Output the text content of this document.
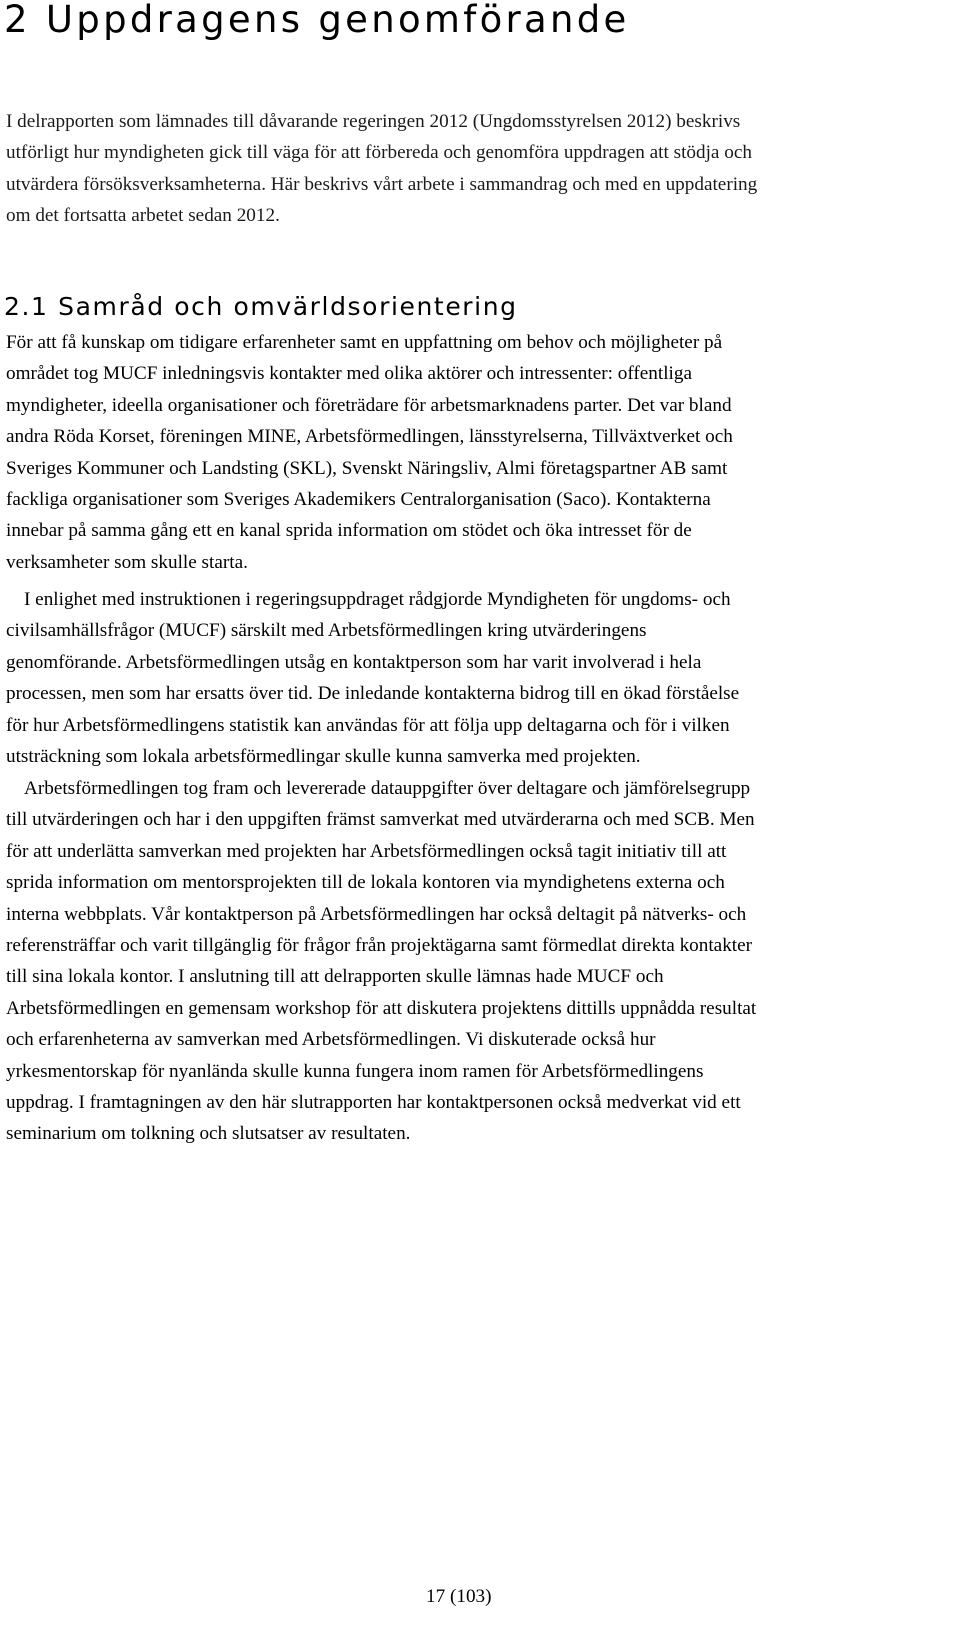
2 Uppdragens genomförande
I delrapporten som lämnades till dåvarande regeringen 2012 (Ungdomsstyrelsen 2012) beskrivs
utförligt hur myndigheten gick till väga för att förbereda och genomföra uppdragen att stödja och
utvärdera försöksverksamheterna. Här beskrivs vårt arbete i sammandrag och med en uppdatering
om det fortsatta arbetet sedan 2012.
2.1 Samråd och omvärldsorientering
För att få kunskap om tidigare erfarenheter samt en uppfattning om behov och möjligheter på
området tog MUCF inledningsvis kontakter med olika aktörer och intressenter: offentliga
myndigheter, ideella organisationer och företrädare för arbetsmarknadens parter. Det var bland
andra Röda Korset, föreningen MINE, Arbetsförmedlingen, länsstyrelserna, Tillväxtverket och
Sveriges Kommuner och Landsting (SKL), Svenskt Näringsliv, Almi företagspartner AB samt
fackliga organisationer som Sveriges Akademikers Centralorganisation (Saco). Kontakterna
innebar på samma gång ett en kanal sprida information om stödet och öka intresset för de
verksamheter som skulle starta.
I enlighet med instruktionen i regeringsuppdraget rådgjorde Myndigheten för ungdoms- och
civilsamhällsfrågor (MUCF) särskilt med Arbetsförmedlingen kring utvärderingens
genomförande. Arbetsförmedlingen utsåg en kontaktperson som har varit involverad i hela
processen, men som har ersatts över tid. De inledande kontakterna bidrog till en ökad förståelse
för hur Arbetsförmedlingens statistik kan användas för att följa upp deltagarna och för i vilken
utsträckning som lokala arbetsförmedlingar skulle kunna samverka med projekten.
Arbetsförmedlingen tog fram och levererade datauppgifter över deltagare och jämförelsegrupp
till utvärderingen och har i den uppgiften främst samverkat med utvärderarna och med SCB. Men
för att underlätta samverkan med projekten har Arbetsförmedlingen också tagit initiativ till att
sprida information om mentorsprojekten till de lokala kontoren via myndighetens externa och
interna webbplats. Vår kontaktperson på Arbetsförmedlingen har också deltagit på nätverks- och
referensträffar och varit tillgänglig för frågor från projektägarna samt förmedlat direkta kontakter
till sina lokala kontor. I anslutning till att delrapporten skulle lämnas hade MUCF och
Arbetsförmedlingen en gemensam workshop för att diskutera projektens dittills uppnådda resultat
och erfarenheterna av samverkan med Arbetsförmedlingen. Vi diskuterade också hur
yrkesmentorskap för nyanlända skulle kunna fungera inom ramen för Arbetsförmedlingens
uppdrag. I framtagningen av den här slutrapporten har kontaktpersonen också medverkat vid ett
seminarium om tolkning och slutsatser av resultaten.

17 (103)
